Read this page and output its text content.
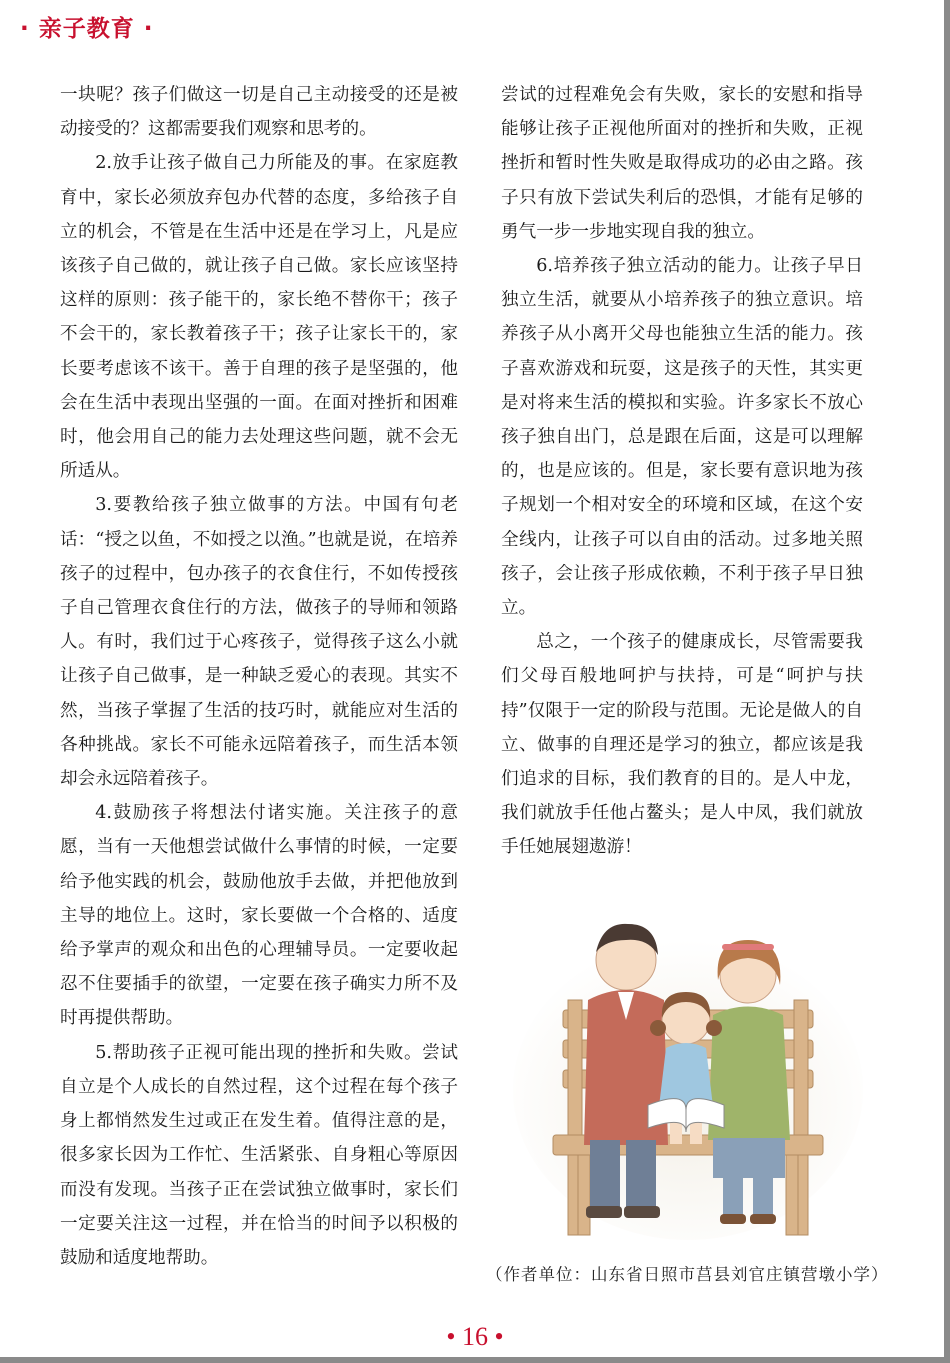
· 亲子教育 ·

一块呢？孩子们做这一切是自己主动接受的还是被动接受的？这都需要我们观察和思考的。

2.放手让孩子做自己力所能及的事。在家庭教育中，家长必须放弃包办代替的态度，多给孩子自立的机会，不管是在生活中还是在学习上，凡是应该孩子自己做的，就让孩子自己做。家长应该坚持这样的原则：孩子能干的，家长绝不替你干；孩子不会干的，家长教着孩子干；孩子让家长干的，家长要考虑该不该干。善于自理的孩子是坚强的，他会在生活中表现出坚强的一面。在面对挫折和困难时，他会用自己的能力去处理这些问题，就不会无所适从。

3.要教给孩子独立做事的方法。中国有句老话：“授之以鱼，不如授之以渔。”也就是说，在培养孩子的过程中，包办孩子的衣食住行，不如传授孩子自己管理衣食住行的方法，做孩子的导师和领路人。有时，我们过于心疼孩子，觉得孩子这么小就让孩子自己做事，是一种缺乏爱心的表现。其实不然，当孩子掌握了生活的技巧时，就能应对生活的各种挑战。家长不可能永远陪着孩子，而生活本领却会永远陪着孩子。

4.鼓励孩子将想法付诸实施。关注孩子的意愿，当有一天他想尝试做什么事情的时候，一定要给予他实践的机会，鼓励他放手去做，并把他放到主导的地位上。这时，家长要做一个合格的、适度给予掌声的观众和出色的心理辅导员。一定要收起忍不住要插手的欲望，一定要在孩子确实力所不及时再提供帮助。

5.帮助孩子正视可能出现的挫折和失败。尝试自立是个人成长的自然过程，这个过程在每个孩子身上都悄然发生过或正在发生着。值得注意的是，很多家长因为工作忙、生活紧张、自身粗心等原因而没有发现。当孩子正在尝试独立做事时，家长们一定要关注这一过程，并在恰当的时间予以积极的鼓励和适度地帮助。

尝试的过程难免会有失败，家长的安慰和指导能够让孩子正视他所面对的挫折和失败，正视挫折和暂时性失败是取得成功的必由之路。孩子只有放下尝试失利后的恐惧，才能有足够的勇气一步一步地实现自我的独立。

6.培养孩子独立活动的能力。让孩子早日独立生活，就要从小培养孩子的独立意识。培养孩子从小离开父母也能独立生活的能力。孩子喜欢游戏和玩耍，这是孩子的天性，其实更是对将来生活的模拟和实验。许多家长不放心孩子独自出门，总是跟在后面，这是可以理解的，也是应该的。但是，家长要有意识地为孩子规划一个相对安全的环境和区域，在这个安全线内，让孩子可以自由的活动。过多地关照孩子，会让孩子形成依赖，不利于孩子早日独立。

总之，一个孩子的健康成长，尽管需要我们父母百般地呵护与扶持，可是“呵护与扶持”仅限于一定的阶段与范围。无论是做人的自立、做事的自理还是学习的独立，都应该是我们追求的目标，我们教育的目的。是人中龙，我们就放手任他占鳌头；是人中凤，我们就放手任她展翅遨游！

（作者单位：山东省日照市莒县刘官庄镇营墩小学）
• 16 •
